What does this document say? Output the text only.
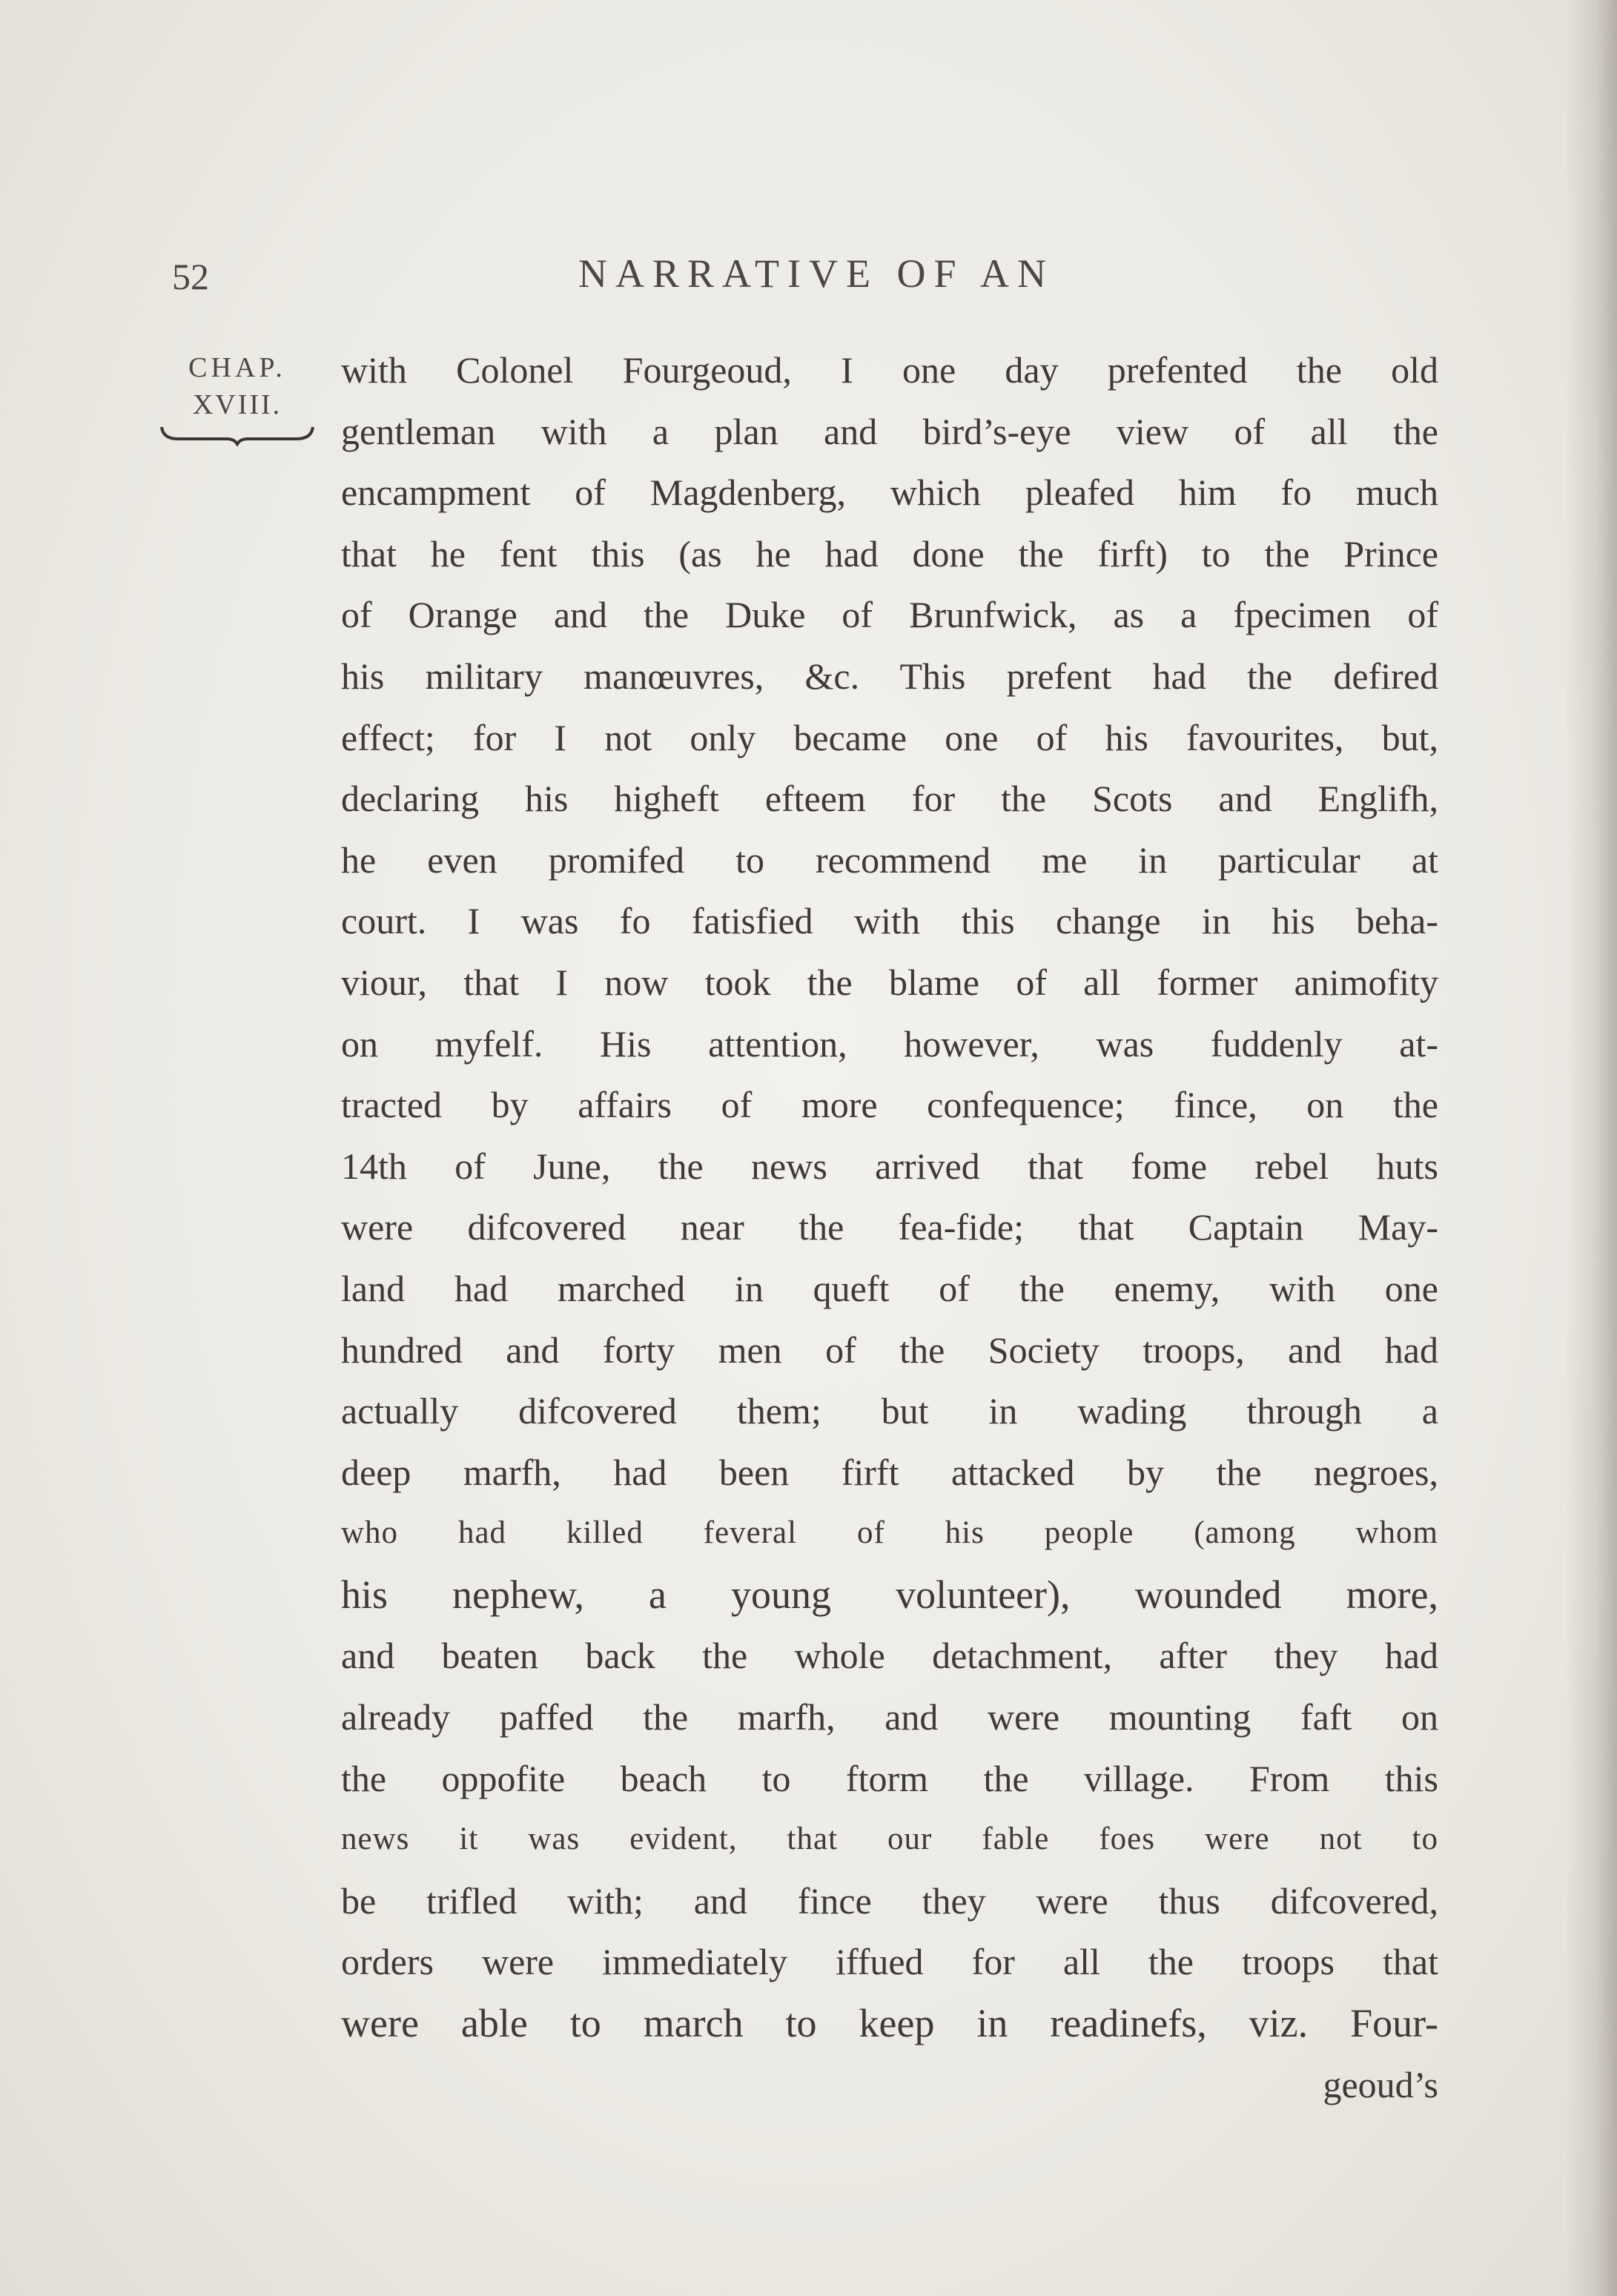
52	NARRATIVE OF AN
CHAP.
XVIII.
with Colonel Fourgeoud, I one day prefented the old
gentleman with a plan and bird’s-eye view of all the
encampment of Magdenberg, which pleafed him fo much
that he fent this (as he had done the firft) to the Prince
of Orange and the Duke of Brunfwick, as a fpecimen of
his military manœuvres, &c. This prefent had the defired
effect; for I not only became one of his favourites, but,
declaring his higheft efteem for the Scots and Englifh,
he even promifed to recommend me in particular at
court. I was fo fatisfied with this change in his beha-
viour, that I now took the blame of all former animofity
on myfelf. His attention, however, was fuddenly at-
tracted by affairs of more confequence; fince, on the
14th of June, the news arrived that fome rebel huts
were difcovered near the fea-fide; that Captain May-
land had marched in queft of the enemy, with one
hundred and forty men of the Society troops, and had
actually difcovered them; but in wading through a
deep marfh, had been firft attacked by the negroes,
who had killed feveral of his people (among whom
his nephew, a young volunteer), wounded more,
and beaten back the whole detachment, after they had
already paffed the marfh, and were mounting faft on
the oppofite beach to ftorm the village. From this
news it was evident, that our fable foes were not to
be trifled with; and fince they were thus difcovered,
orders were immediately iffued for all the troops that
were able to march to keep in readinefs, viz. Four-
geoud’s
